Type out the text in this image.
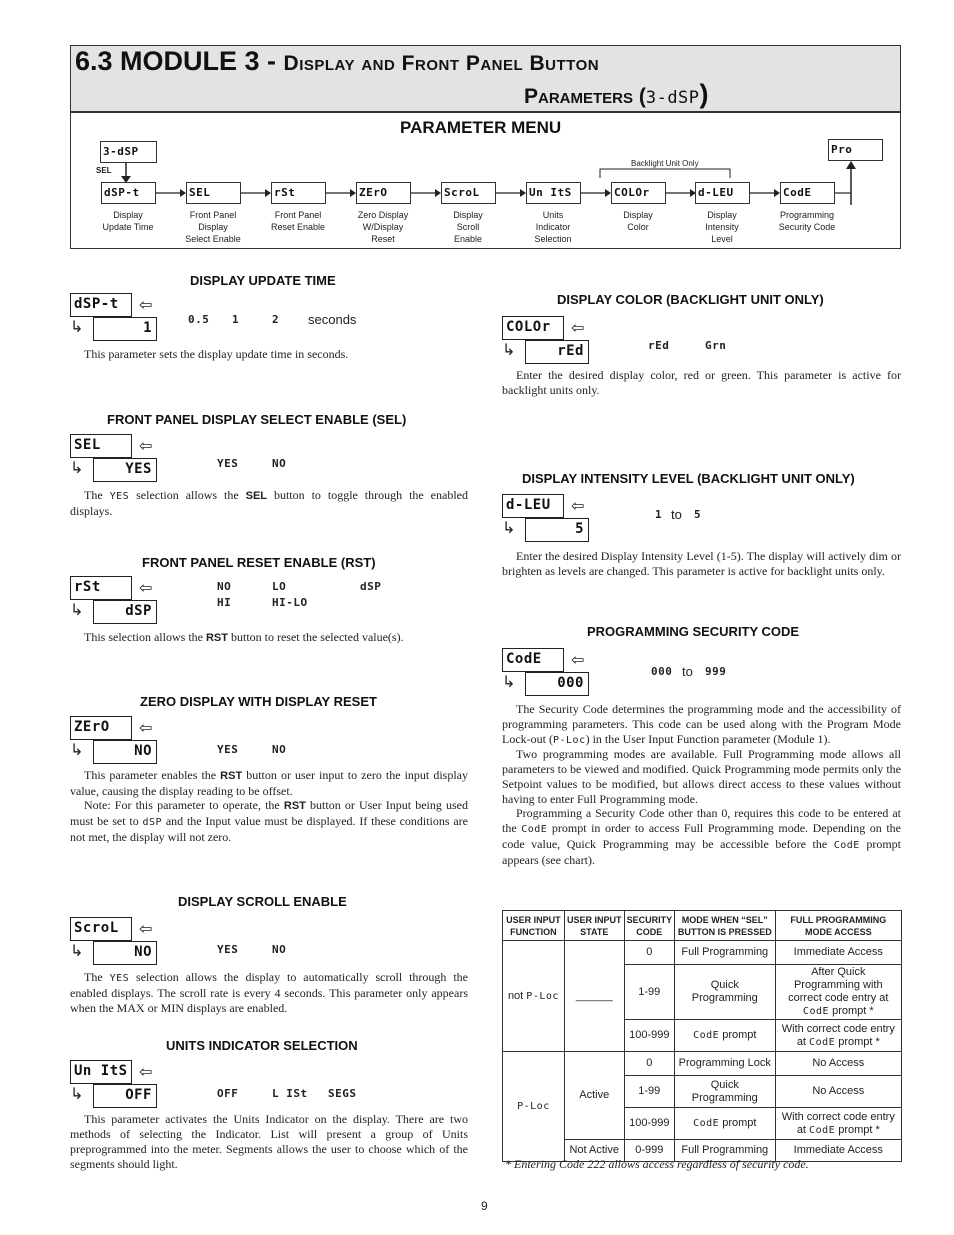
6.3 MODULE 3 - Display and Front Panel Button
Parameters (3-dSP)
PARAMETER MENU
3-dSP
SEL
Pro
Backlight Unit Only
dSP-t
Display
Update Time
SEL
Front Panel
Display
Select Enable
rSt
Front Panel
Reset Enable
ZErO
Zero Display
W/Display
Reset
ScroL
Display
Scroll
Enable
Un ItS
Units
Indicator
Selection
COLOr
Display
Color
d-LEU
Display
Intensity
Level
CodE
Programming
Security Code
DISPLAY UPDATE TIME
dSP-t	⇦
↳	1
0.5 1	2 seconds
This parameter sets the display update time in seconds.
FRONT PANEL DISPLAY SELECT ENABLE (SEL)
SEL	⇦
↳	YES	YES	NO
The YES selection allows the SEL button to toggle through the enabled displays.
FRONT PANEL RESET ENABLE (RST)
rSt	⇦
↳	dSP
NO	LO	dSP
HI	HI-LO
This selection allows the RST button to reset the selected value(s).
ZERO DISPLAY WITH DISPLAY RESET
ZErO	⇦
↳	NO	YES	NO
This parameter enables the RST button or user input to zero the input display value, causing the display reading to be offset.
Note: For this parameter to operate, the RST button or User Input being used must be set to dSP and the Input value must be displayed. If these conditions are not met, the display will not zero.
DISPLAY SCROLL ENABLE
ScroL	⇦
↳	NO	YES	NO
The YES selection allows the display to automatically scroll through the enabled displays. The scroll rate is every 4 seconds. This parameter only appears when the MAX or MIN displays are enabled.
UNITS INDICATOR SELECTION
Un ItS ⇦
↳	OFF	OFF	L ISt SEGS
This parameter activates the Units Indicator on the display. There are two methods of selecting the Indicator. List will present a group of Units preprogrammed into the meter. Segments allows the user to choose which of the segments should light.
DISPLAY COLOR (BACKLIGHT UNIT ONLY)
COLOr	⇦
↳	rEd	rEd	Grn
Enter the desired display color, red or green. This parameter is active for backlight units only.
DISPLAY INTENSITY LEVEL (BACKLIGHT UNIT ONLY)
d-LEU	⇦
↳	5
1 to 5
Enter the desired Display Intensity Level (1-5). The display will actively dim or brighten as levels are changed. This parameter is active for backlight units only.
PROGRAMMING SECURITY CODE
CodE	⇦
↳	000
000 to 999
The Security Code determines the programming mode and the accessibility of programming parameters. This code can be used along with the Program Mode Lock-out (P-Loc) in the User Input Function parameter (Module 1).
Two programming modes are available. Full Programming mode allows all parameters to be viewed and modified. Quick Programming mode permits only the Setpoint values to be modified, but allows direct access to these values without having to enter Full Programming mode.
Programming a Security Code other than 0, requires this code to be entered at the CodE prompt in order to access Full Programming mode. Depending on the code value, Quick Programming may be accessible before the CodE prompt appears (see chart).
USER INPUT FUNCTION	USER INPUT STATE	SECURITY CODE	MODE WHEN “SEL” BUTTON IS PRESSED	FULL PROGRAMMING MODE ACCESS
not P-Loc	______	0	Full Programming	Immediate Access
		1-99	Quick Programming	After Quick Programming with correct code entry at CodE prompt *
		100-999	CodE prompt	With correct code entry at CodE prompt *
P-Loc	Active	0	Programming Lock	No Access
		1-99	Quick Programming	No Access
		100-999	CodE prompt	With correct code entry at CodE prompt *
	Not Active	0-999	Full Programming	Immediate Access
* Entering Code 222 allows access regardless of security code.
9
